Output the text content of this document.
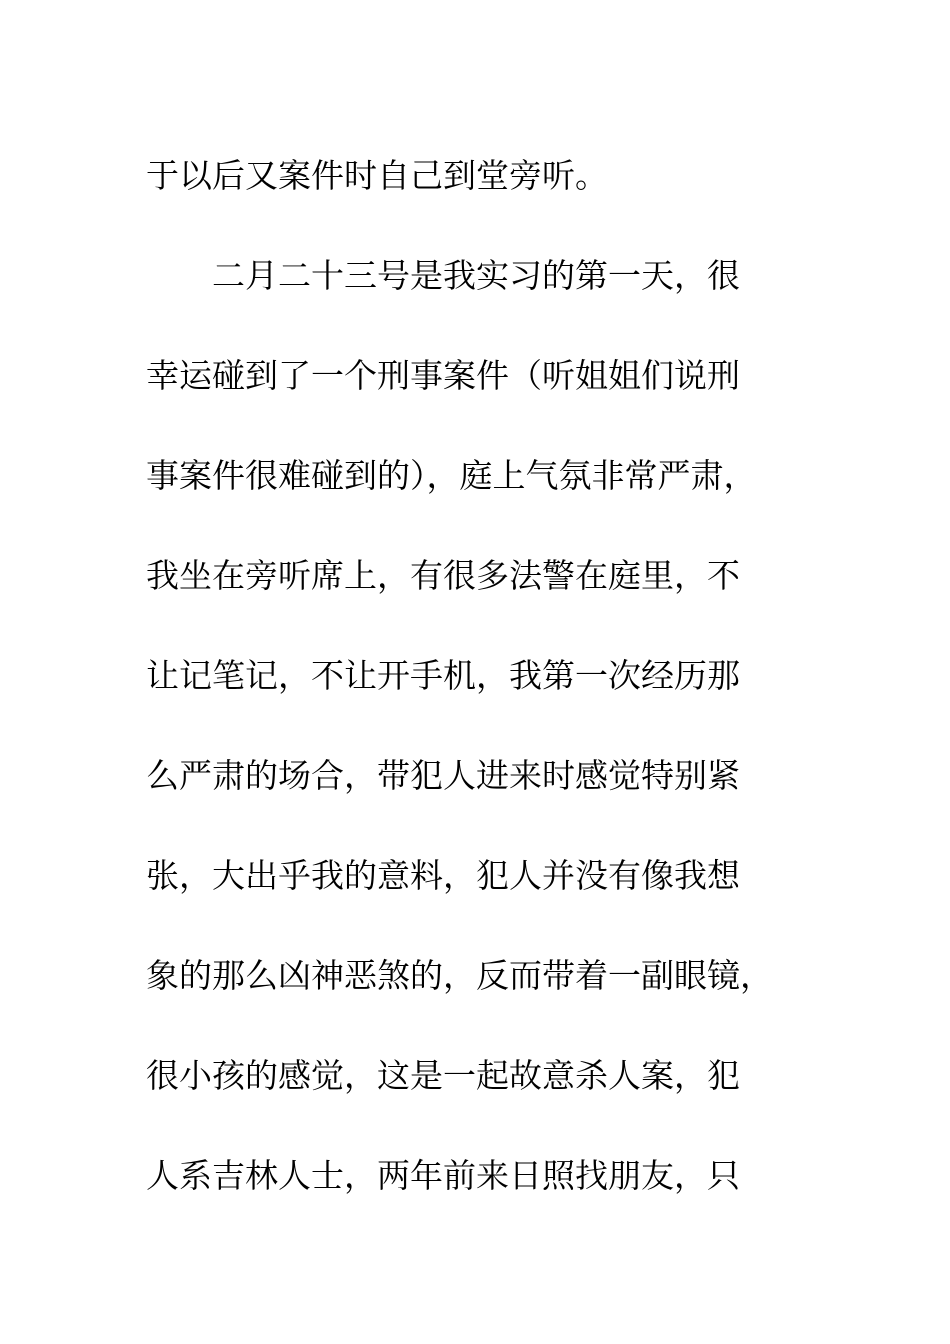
于以后又案件时自己到堂旁听。
　　二月二十三号是我实习的第一天，很
幸运碰到了一个刑事案件（听姐姐们说刑
事案件很难碰到的），庭上气氛非常严肃，
我坐在旁听席上，有很多法警在庭里，不
让记笔记，不让开手机，我第一次经历那
么严肃的场合，带犯人进来时感觉特别紧
张，大出乎我的意料，犯人并没有像我想
象的那么凶神恶煞的，反而带着一副眼镜，
很小孩的感觉，这是一起故意杀人案，犯
人系吉林人士，两年前来日照找朋友，只
